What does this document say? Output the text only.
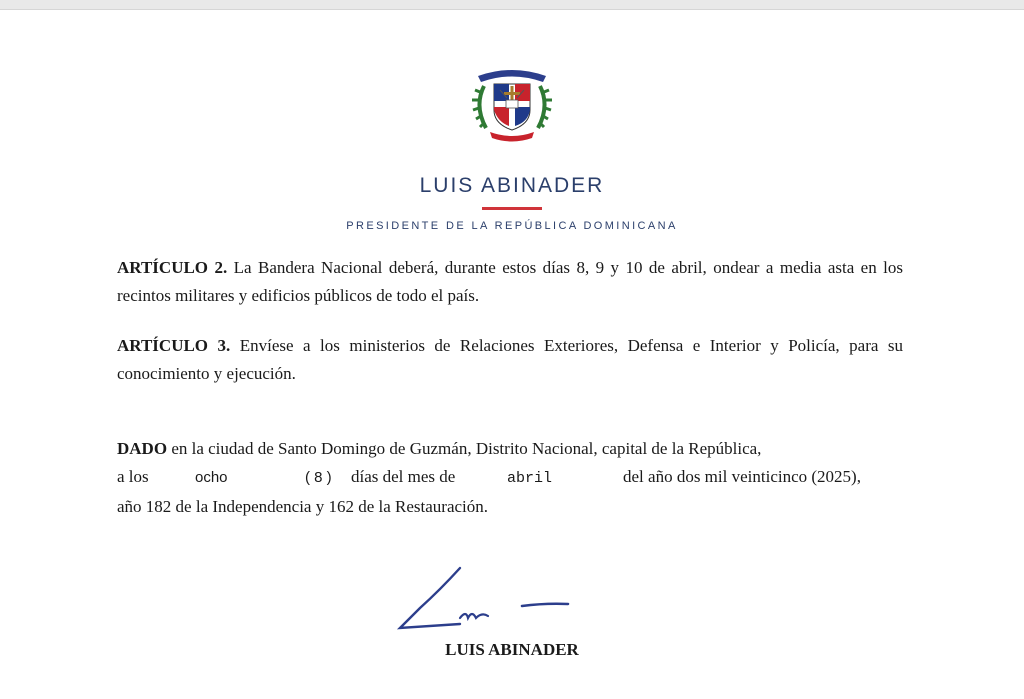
LUIS ABINADER
PRESIDENTE DE LA REPÚBLICA DOMINICANA
ARTÍCULO 2. La Bandera Nacional deberá, durante estos días 8, 9 y 10 de abril, ondear a media asta en los recintos militares y edificios públicos de todo el país.
ARTÍCULO 3. Envíese a los ministerios de Relaciones Exteriores, Defensa e Interior y Policía, para su conocimiento y ejecución.
DADO en la ciudad de Santo Domingo de Guzmán, Distrito Nacional, capital de la República,
a los	ocho	( 8 )	días del mes de	abril	del año dos mil veinticinco (2025),
año 182 de la Independencia y 162 de la Restauración.
LUIS ABINADER
